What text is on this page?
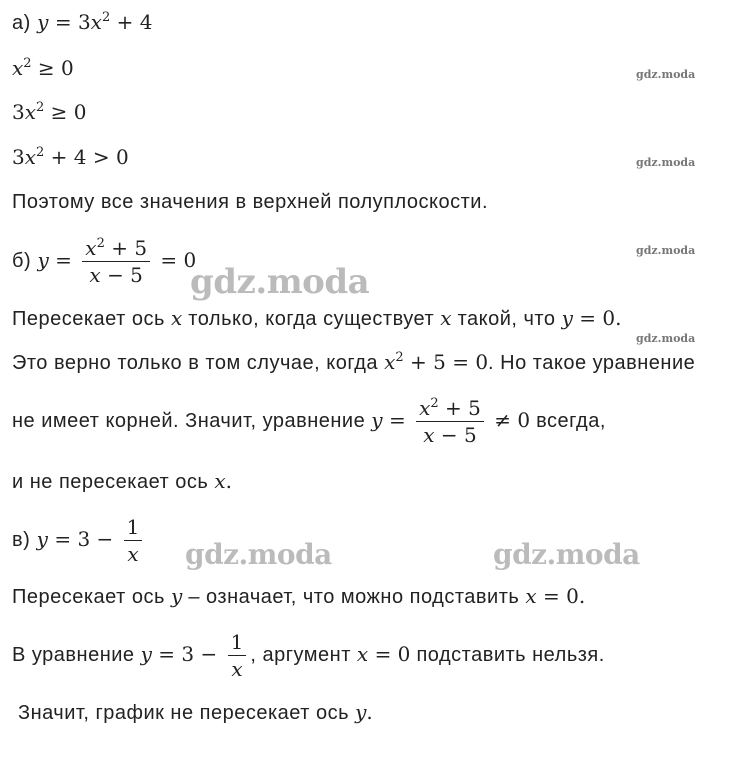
а) $y = 3x^2 + 4$
$x^2 \ge 0$
$3x^2 \ge 0$
$3x^2 + 4 > 0$
Поэтому все значения в верхней полуплоскости.
б) $y = \frac{x^2 + 5}{x - 5} = 0$
Пересекает ось x только, когда существует x такой, что y = 0.
Это верно только в том случае, когда $x^2 + 5 = 0$. Но такое уравнение
не имеет корней. Значит, уравнение $y = \frac{x^2 + 5}{x - 5} \ne 0$ всегда,
и не пересекает ось x.
в) $y = 3 - \frac{1}{x}$
Пересекает ось y – означает, что можно подставить x = 0.
В уравнение $y = 3 - \frac{1}{x}$ , аргумент x = 0 подставить нельзя.
Значит, график не пересекает ось y.
gdz.moda
gdz.moda
gdz.moda
gdz.moda
gdz.moda
gdz.moda	gdz.moda
